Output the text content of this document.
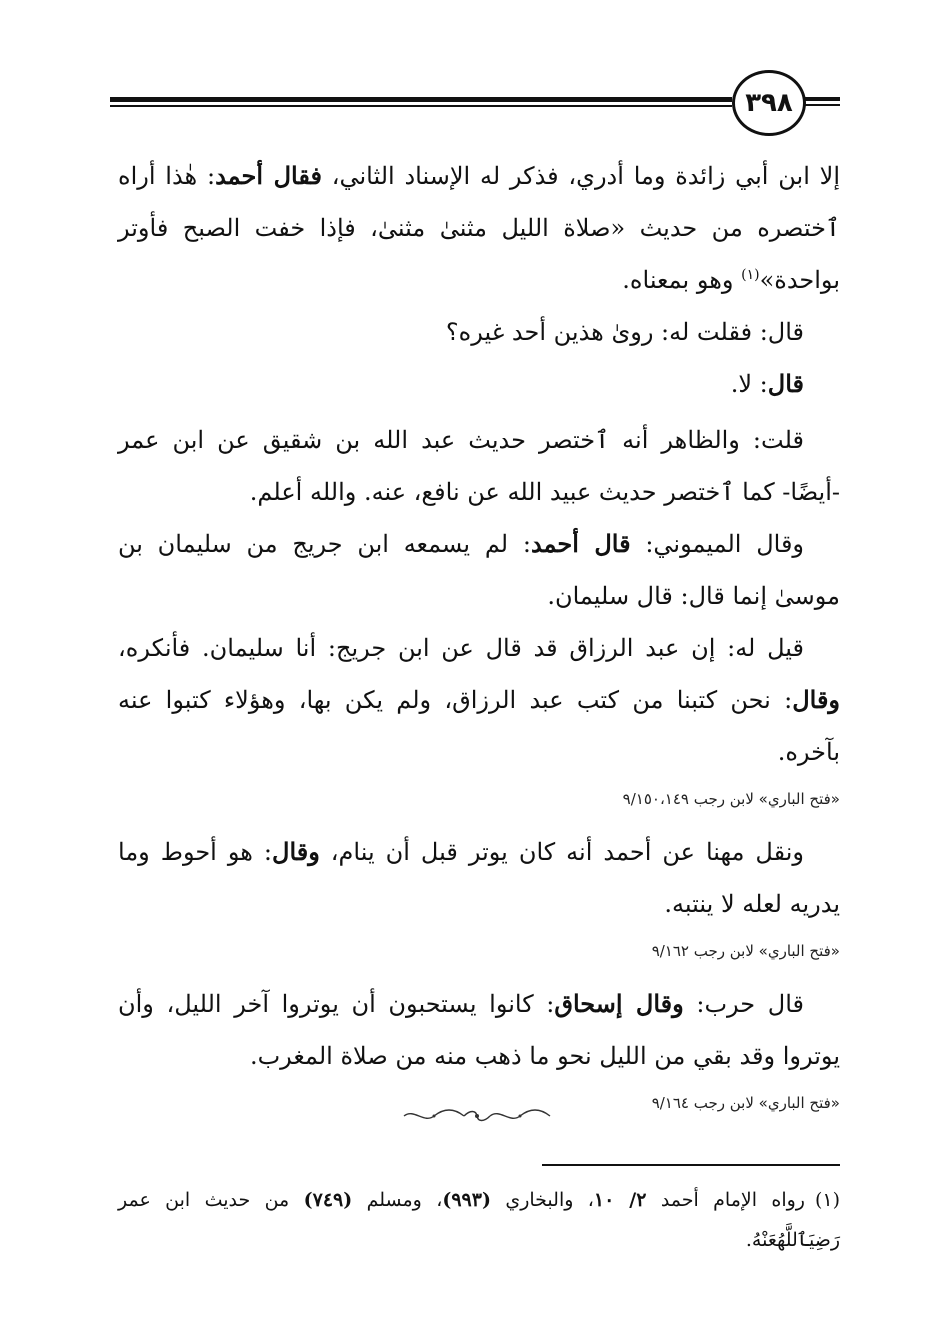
٣٩٨

إلا ابن أبي زائدة وما أدري، فذكر له الإسناد الثاني، فقال أحمد: هٰذا أراه ٱختصره من حديث «صلاة الليل مثنىٰ مثنىٰ، فإذا خفت الصبح فأوتر بواحدة»$^{(١)}$ وهو بمعناه.

قال: فقلت له: روىٰ هذين أحد غيره؟

قال: لا.

قلت: والظاهر أنه ٱختصر حديث عبد الله بن شقيق عن ابن عمر -أيضًا- كما ٱختصر حديث عبيد الله عن نافع، عنه. والله أعلم.

وقال الميموني: قال أحمد: لم يسمعه ابن جريج من سليمان بن موسىٰ إنما قال: قال سليمان.

قيل له: إن عبد الرزاق قد قال عن ابن جريج: أنا سليمان. فأنكره، وقال: نحن كتبنا من كتب عبد الرزاق، ولم يكن بها، وهؤلاء كتبوا عنه بآخره.

«فتح الباري» لابن رجب ٩/١٥٠،١٤٩

ونقل مهنا عن أحمد أنه كان يوتر قبل أن ينام، وقال: هو أحوط وما يدريه لعله لا ينتبه.

«فتح الباري» لابن رجب ٩/١٦٢

قال حرب: وقال إسحاق: كانوا يستحبون أن يوتروا آخر الليل، وأن يوتروا وقد بقي من الليل نحو ما ذهب منه من صلاة المغرب.

«فتح الباري» لابن رجب ٩/١٦٤
(١)رواه الإمام أحمد ٢/ ١٠، والبخاري (٩٩٣)، ومسلم (٧٤٩) من حديث ابن عمر رَضِيَٱللَّهُعَنْهُ.
